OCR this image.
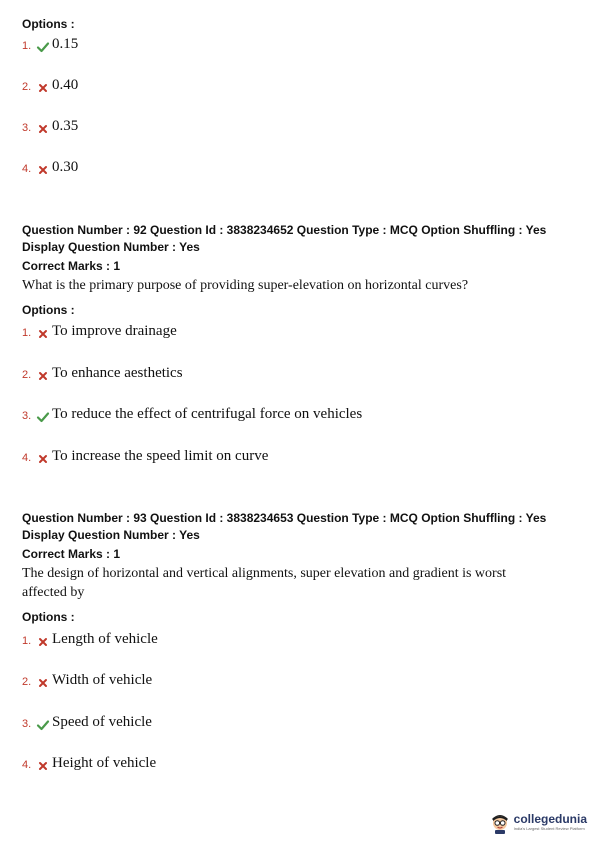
Options :
1.	0.15
2.	0.40
3.	0.35
4.	0.30
Question Number : 92 Question Id : 3838234652 Question Type : MCQ Option Shuffling : Yes
Display Question Number : Yes
Correct Marks : 1
What is the primary purpose of providing super-elevation on horizontal curves?
Options :
1.	To improve drainage
2.	To enhance aesthetics
3.	To reduce the effect of centrifugal force on vehicles
4.	To increase the speed limit on curve
Question Number : 93 Question Id : 3838234653 Question Type : MCQ Option Shuffling : Yes
Display Question Number : Yes
Correct Marks : 1
The design of horizontal and vertical alignments, super elevation and gradient is worst
affected by
Options :
1.	Length of vehicle
2.	Width of vehicle
3.	Speed of vehicle
4.	Height of vehicle
collegedunia
India's Largest Student Review Platform
